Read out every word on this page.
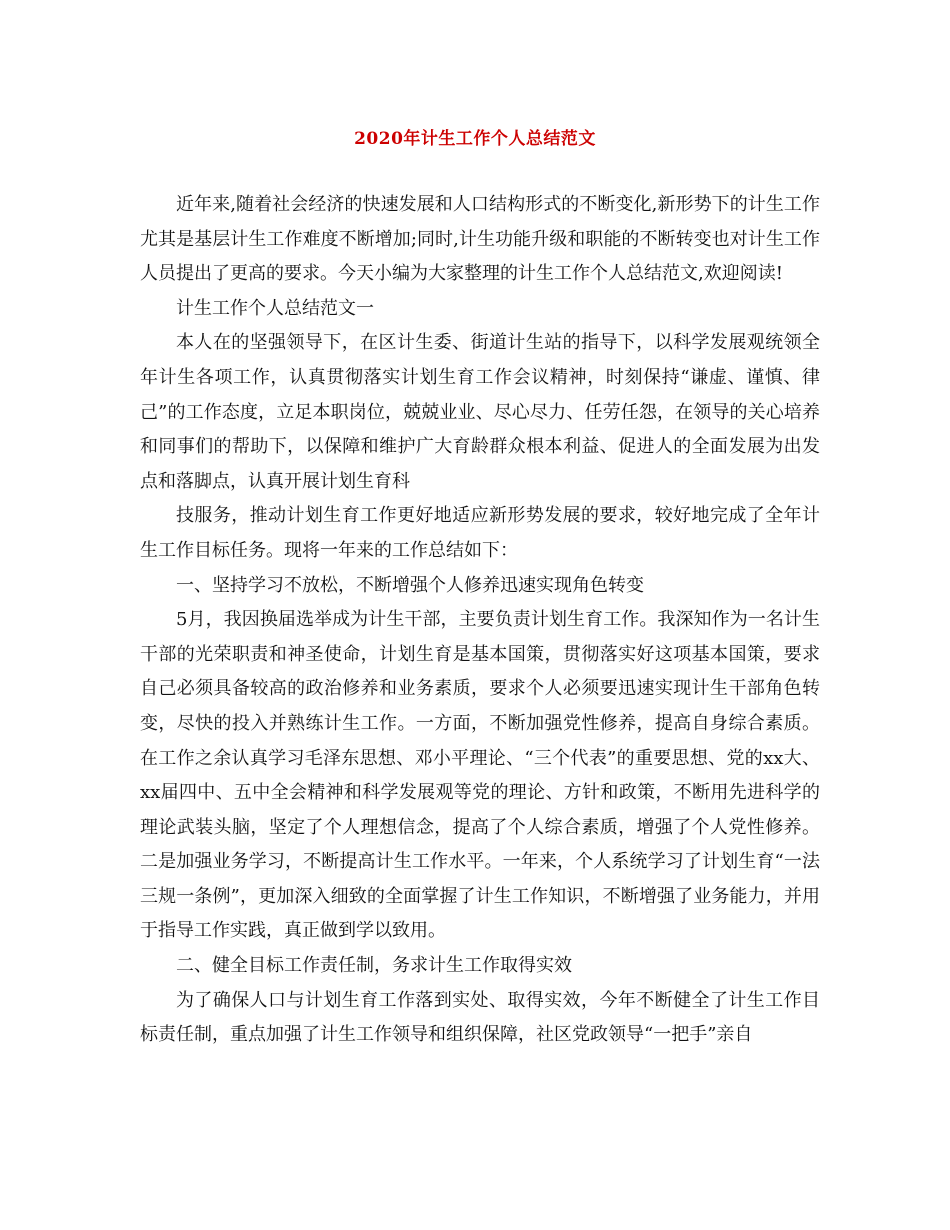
2020年计生工作个人总结范文

近年来,随着社会经济的快速发展和人口结构形式的不断变化,新形势下的计生工作尤其是基层计生工作难度不断增加;同时,计生功能升级和职能的不断转变也对计生工作人员提出了更高的要求。今天小编为大家整理的计生工作个人总结范文,欢迎阅读!

计生工作个人总结范文一

本人在的坚强领导下，在区计生委、街道计生站的指导下，以科学发展观统领全年计生各项工作，认真贯彻落实计划生育工作会议精神，时刻保持“谦虚、谨慎、律己”的工作态度，立足本职岗位，兢兢业业、尽心尽力、任劳任怨，在领导的关心培养和同事们的帮助下，以保障和维护广大育龄群众根本利益、促进人的全面发展为出发点和落脚点，认真开展计划生育科

技服务，推动计划生育工作更好地适应新形势发展的要求，较好地完成了全年计生工作目标任务。现将一年来的工作总结如下：

一、坚持学习不放松，不断增强个人修养迅速实现角色转变

5月，我因换届选举成为计生干部，主要负责计划生育工作。我深知作为一名计生干部的光荣职责和神圣使命，计划生育是基本国策，贯彻落实好这项基本国策，要求自己必须具备较高的政治修养和业务素质，要求个人必须要迅速实现计生干部角色转变，尽快的投入并熟练计生工作。一方面，不断加强党性修养，提高自身综合素质。在工作之余认真学习毛泽东思想、邓小平理论、“三个代表”的重要思想、党的xx大、xx届四中、五中全会精神和科学发展观等党的理论、方针和政策，不断用先进科学的理论武装头脑，坚定了个人理想信念，提高了个人综合素质，增强了个人党性修养。二是加强业务学习，不断提高计生工作水平。一年来，个人系统学习了计划生育“一法三规一条例”，更加深入细致的全面掌握了计生工作知识，不断增强了业务能力，并用于指导工作实践，真正做到学以致用。

二、健全目标工作责任制，务求计生工作取得实效

为了确保人口与计划生育工作落到实处、取得实效，今年不断健全了计生工作目标责任制，重点加强了计生工作领导和组织保障，社区党政领导“一把手”亲自
